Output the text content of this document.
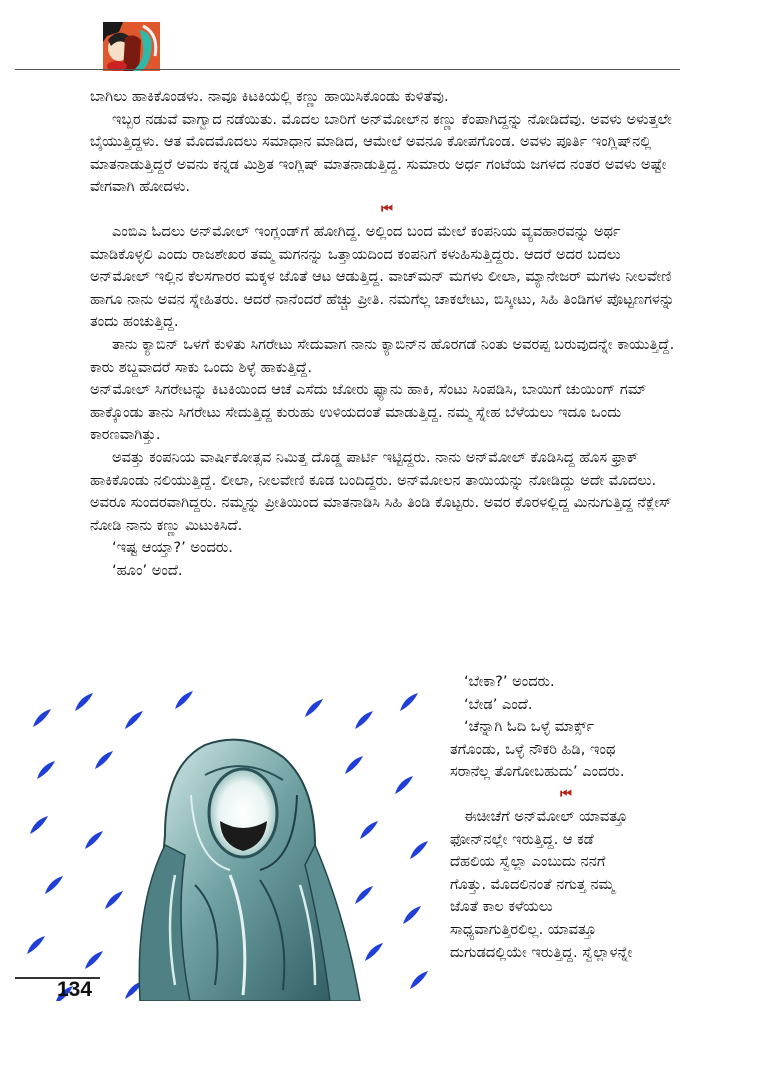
ಬಾಗಿಲು ಹಾಕಿಕೊಂಡಳು. ನಾವೂ ಕಿಟಕಿಯಲ್ಲಿ ಕಣ್ಣು ಹಾಯಿಸಿಕೊಂಡು ಕುಳಿತೆವು.

ಇಬ್ಬರ ನಡುವೆ ವಾಗ್ವಾದ ನಡೆಯಿತು. ಮೊದಲ ಬಾರಿಗೆ ಅನ್‌ಮೋಲ್‌ನ ಕಣ್ಣು ಕೆಂಪಾಗಿದ್ದನ್ನು ನೋಡಿದೆವು. ಅವಳು ಅಳುತ್ತಲೇ ಬೈಯುತ್ತಿದ್ದಳು. ಆತ ಮೊದಮೊದಲು ಸಮಾಧಾನ ಮಾಡಿದ, ಆಮೇಲೆ ಅವನೂ ಕೋಪಗೊಂಡ. ಅವಳು ಪೂರ್ತಿ ಇಂಗ್ಲಿಷ್‌ನಲ್ಲಿ ಮಾತನಾಡುತ್ತಿದ್ದರೆ ಅವನು ಕನ್ನಡ ಮಿಶ್ರಿತ ಇಂಗ್ಲಿಷ್ ಮಾತನಾಡುತ್ತಿದ್ದ. ಸುಮಾರು ಅರ್ಧ ಗಂಟೆಯ ಜಗಳದ ನಂತರ ಅವಳು ಅಷ್ಟೇ ವೇಗವಾಗಿ ಹೋದಳು.

⏮

ಎಂಬಿಎ ಓದಲು ಅನ್‌ಮೋಲ್ ಇಂಗ್ಲಂಡ್‌ಗೆ ಹೋಗಿದ್ದ. ಅಲ್ಲಿಂದ ಬಂದ ಮೇಲೆ ಕಂಪನಿಯ ವ್ಯವಹಾರವನ್ನು ಅರ್ಥ ಮಾಡಿಕೊಳ್ಳಲಿ ಎಂದು ರಾಜಶೇಖರ ತಮ್ಮ ಮಗನನ್ನು ಒತ್ತಾಯದಿಂದ ಕಂಪನಿಗೆ ಕಳುಹಿಸುತ್ತಿದ್ದರು. ಆದರೆ ಅದರ ಬದಲು ಅನ್‌ಮೋಲ್ ಇಲ್ಲಿನ ಕೆಲಸಗಾರರ ಮಕ್ಕಳ ಜೊತೆ ಆಟ ಆಡುತ್ತಿದ್ದ. ವಾಚ್‌ಮನ್ ಮಗಳು ಲೀಲಾ, ಮ್ಯಾನೇಜರ್ ಮಗಳು ನೀಲವೇಣಿ ಹಾಗೂ ನಾನು ಅವನ ಸ್ನೇಹಿತರು. ಆದರೆ ನಾನೆಂದರೆ ಹೆಚ್ಚು ಪ್ರೀತಿ. ನಮಗೆಲ್ಲ ಚಾಕಲೇಟು, ಬಿಸ್ಕೀಟು, ಸಿಹಿ ತಿಂಡಿಗಳ ಪೊಟ್ಟಣಗಳನ್ನು ತಂದು ಹಂಚುತ್ತಿದ್ದ.

ತಾನು ಕ್ಯಾಬಿನ್ ಒಳಗೆ ಕುಳಿತು ಸಿಗರೇಟು ಸೇದುವಾಗ ನಾನು ಕ್ಯಾಬಿನ್‌ನ ಹೊರಗಡೆ ನಿಂತು ಅವರಪ್ಪ ಬರುವುದನ್ನೇ ಕಾಯುತ್ತಿದ್ದೆ. ಕಾರು ಶಬ್ದವಾದರೆ ಸಾಕು ಒಂದು ಶಿಳ್ಳೆ ಹಾಕುತ್ತಿದ್ದೆ.

ಅನ್‌ಮೋಲ್ ಸಿಗರೇಟನ್ನು ಕಿಟಕಿಯಿಂದ ಆಚೆ ಎಸೆದು ಜೋರು ಫ್ಯಾನು ಹಾಕಿ, ಸೆಂಟು ಸಿಂಪಡಿಸಿ, ಬಾಯಿಗೆ ಚುಯಿಂಗ್ ಗಮ್ ಹಾಕ್ಕೊಂಡು ತಾನು ಸಿಗರೇಟು ಸೇದುತ್ತಿದ್ದ ಕುರುಹು ಉಳಿಯದಂತೆ ಮಾಡುತ್ತಿದ್ದ. ನಮ್ಮ ಸ್ನೇಹ ಬೆಳೆಯಲು ಇದೂ ಒಂದು ಕಾರಣವಾಗಿತ್ತು.

ಅವತ್ತು ಕಂಪನಿಯ ವಾರ್ಷಿಕೋತ್ಸವ ನಿಮಿತ್ತ ದೊಡ್ಡ ಪಾರ್ಟಿ ಇಟ್ಟಿದ್ದರು. ನಾನು ಅನ್‌ಮೋಲ್ ಕೊಡಿಸಿದ್ದ ಹೊಸ ಫ್ರಾಕ್ ಹಾಕಿಕೊಂಡು ನಲಿಯುತ್ತಿದ್ದೆ. ಲೀಲಾ, ನೀಲವೇಣಿ ಕೂಡ ಬಂದಿದ್ದರು. ಅನ್‌ಮೋಲನ ತಾಯಿಯನ್ನು ನೋಡಿದ್ದು ಅದೇ ಮೊದಲು. ಅವರೂ ಸುಂದರವಾಗಿದ್ದರು. ನಮ್ಮನ್ನು ಪ್ರೀತಿಯಿಂದ ಮಾತನಾಡಿಸಿ ಸಿಹಿ ತಿಂಡಿ ಕೊಟ್ಟರು. ಅವರ ಕೊರಳಲ್ಲಿದ್ದ ಮಿನುಗುತ್ತಿದ್ದ ನೆಕ್ಲೇಸ್ ನೋಡಿ ನಾನು ಕಣ್ಣು ಮಿಟುಕಿಸಿದೆ.

‘ಇಷ್ಟ ಆಯ್ತಾ?’ ಅಂದರು.

‘ಹೂಂ’ ಅಂದೆ.

134

‘ಬೇಕಾ?’ ಅಂದರು.

‘ಬೇಡ’ ಎಂದೆ.

‘ಚೆನ್ನಾಗಿ ಓದಿ ಒಳ್ಳೆ ಮಾರ್ಕ್ಸ್

ತಗೊಂಡು, ಒಳ್ಳೆ ನೌಕರಿ ಹಿಡಿ, ಇಂಥ

ಸರಾನೆಲ್ಲ ತೊಗೋಬಹುದು’ ಎಂದರು.

⏮

ಈಚೀಚೆಗೆ ಅನ್‌ಮೋಲ್ ಯಾವತ್ತೂ

ಫೋನ್‌ನಲ್ಲೇ ಇರುತ್ತಿದ್ದ. ಆ ಕಡೆ

ದೆಹಲಿಯ ಸ್ವೆಲ್ಲಾ ಎಂಬುದು ನನಗೆ

ಗೊತ್ತು. ಮೊದಲಿನಂತೆ ನಗುತ್ತ ನಮ್ಮ

ಜೊತೆ ಕಾಲ ಕಳೆಯಲು

ಸಾಧ್ಯವಾಗುತ್ತಿರಲಿಲ್ಲ. ಯಾವತ್ತೂ

ದುಗುಡದಲ್ಲಿಯೇ ಇರುತ್ತಿದ್ದ. ಸ್ವೆಲ್ಲಾಳನ್ನೇ
